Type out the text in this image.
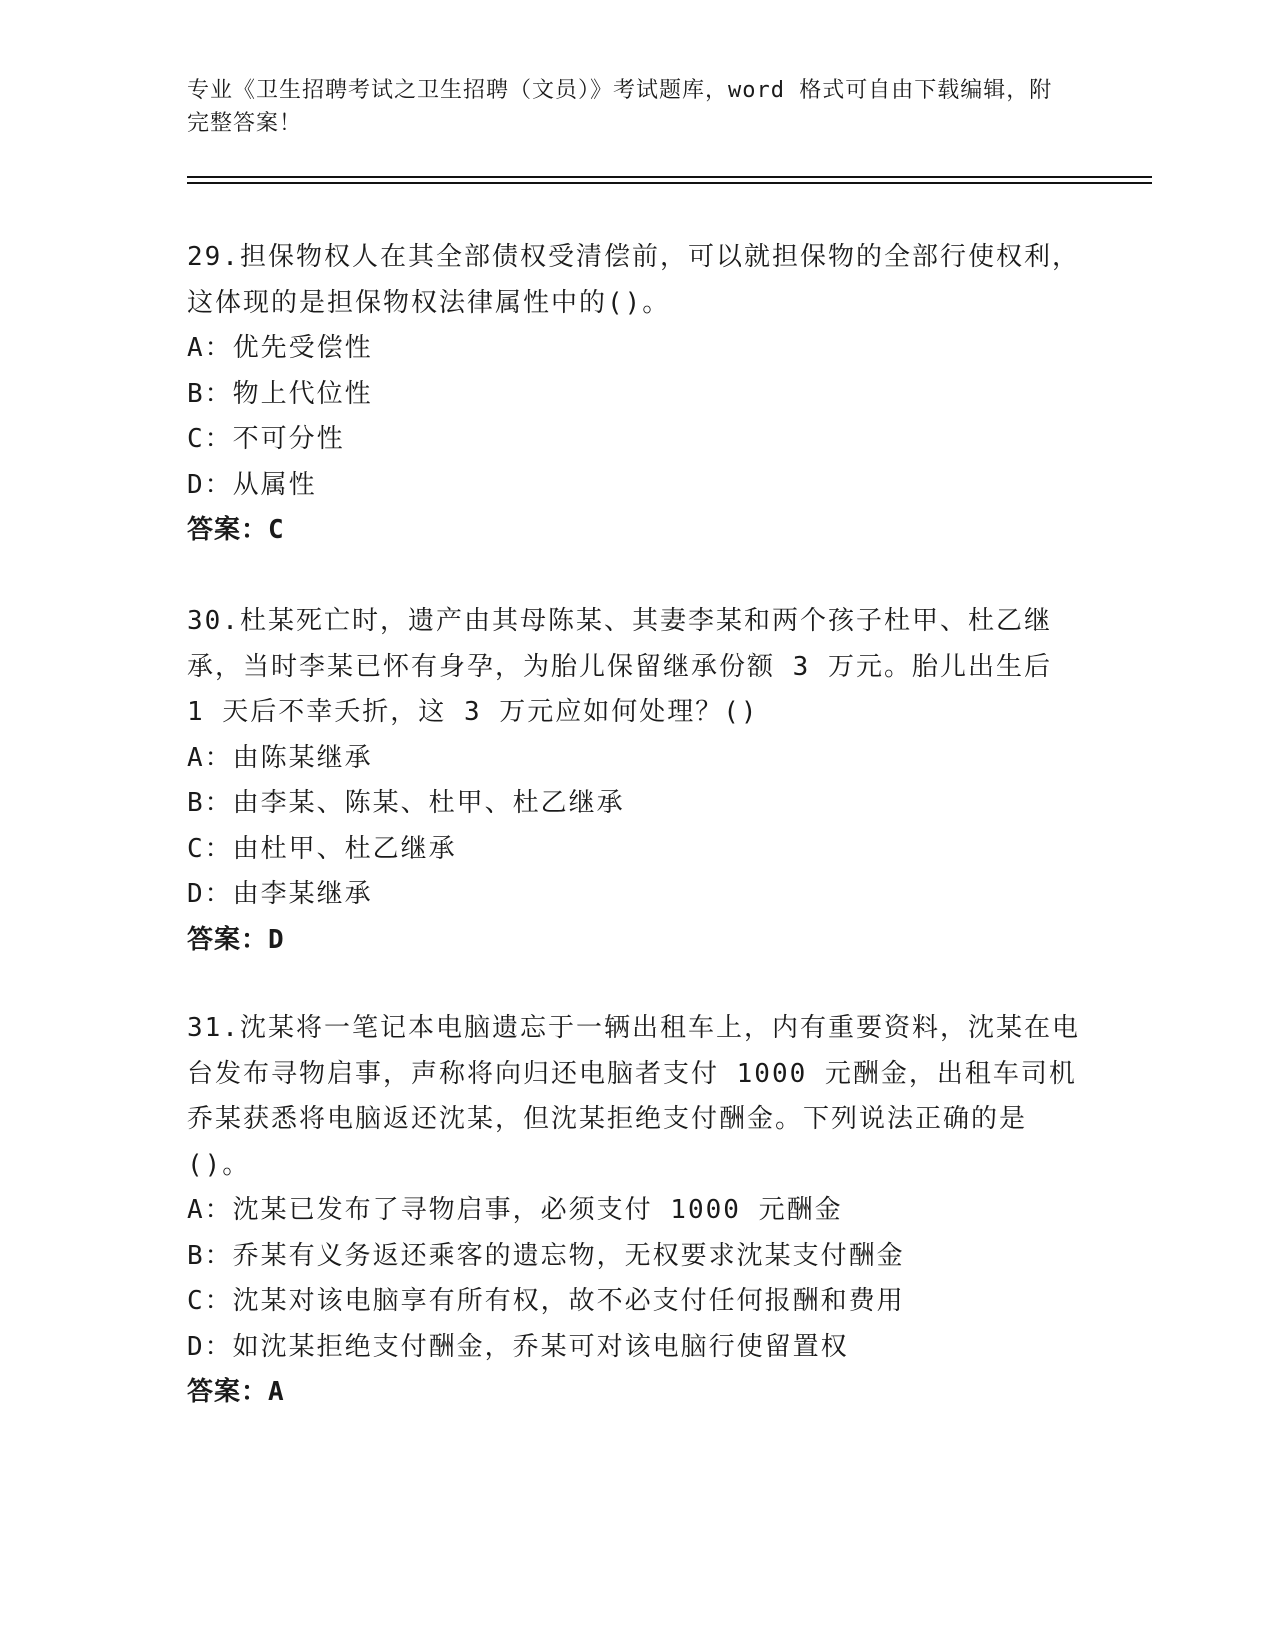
专业《卫生招聘考试之卫生招聘（文员）》考试题库，word 格式可自由下载编辑，附完整答案！

29.担保物权人在其全部债权受清偿前，可以就担保物的全部行使权利，这体现的是担保物权法律属性中的()。

A：优先受偿性

B：物上代位性

C：不可分性

D：从属性

答案：C

30.杜某死亡时，遗产由其母陈某、其妻李某和两个孩子杜甲、杜乙继承，当时李某已怀有身孕，为胎儿保留继承份额 3 万元。胎儿出生后 1 天后不幸夭折，这 3 万元应如何处理？()

A：由陈某继承

B：由李某、陈某、杜甲、杜乙继承

C：由杜甲、杜乙继承

D：由李某继承

答案：D

31.沈某将一笔记本电脑遗忘于一辆出租车上，内有重要资料，沈某在电台发布寻物启事，声称将向归还电脑者支付 1000 元酬金，出租车司机乔某获悉将电脑返还沈某，但沈某拒绝支付酬金。下列说法正确的是()。

A：沈某已发布了寻物启事，必须支付 1000 元酬金

B：乔某有义务返还乘客的遗忘物，无权要求沈某支付酬金

C：沈某对该电脑享有所有权，故不必支付任何报酬和费用

D：如沈某拒绝支付酬金，乔某可对该电脑行使留置权

答案：A
